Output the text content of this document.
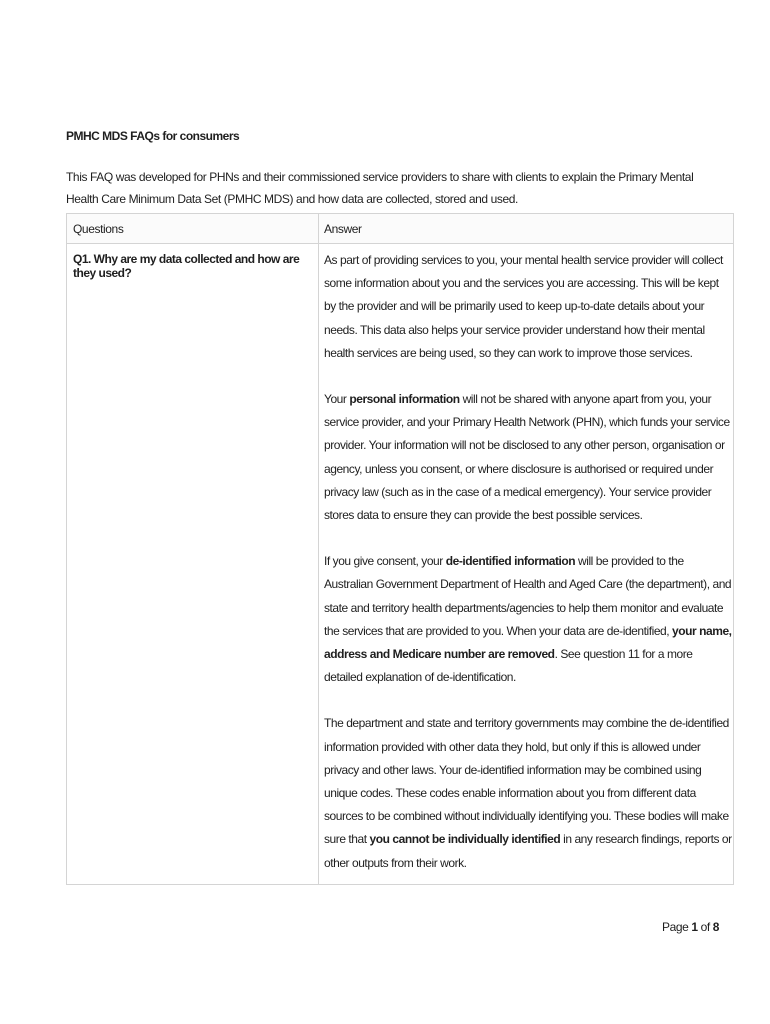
PMHC MDS FAQs for consumers
This FAQ was developed for PHNs and their commissioned service providers to share with clients to explain the Primary Mental Health Care Minimum Data Set (PMHC MDS) and how data are collected, stored and used.
Questions	Answer
Q1. Why are my data collected and how are they used?

As part of providing services to you, your mental health service provider will collect some information about you and the services you are accessing. This will be kept by the provider and will be primarily used to keep up-to-date details about your needs. This data also helps your service provider understand how their mental health services are being used, so they can work to improve those services.

Your personal information will not be shared with anyone apart from you, your service provider, and your Primary Health Network (PHN), which funds your service provider. Your information will not be disclosed to any other person, organisation or agency, unless you consent, or where disclosure is authorised or required under privacy law (such as in the case of a medical emergency). Your service provider stores data to ensure they can provide the best possible services.

If you give consent, your de-identified information will be provided to the Australian Government Department of Health and Aged Care (the department), and state and territory health departments/agencies to help them monitor and evaluate the services that are provided to you. When your data are de-identified, your name, address and Medicare number are removed. See question 11 for a more detailed explanation of de-identification.

The department and state and territory governments may combine the de-identified information provided with other data they hold, but only if this is allowed under privacy and other laws. Your de-identified information may be combined using unique codes. These codes enable information about you from different data sources to be combined without individually identifying you. These bodies will make sure that you cannot be individually identified in any research findings, reports or other outputs from their work.

Page 1 of 8
